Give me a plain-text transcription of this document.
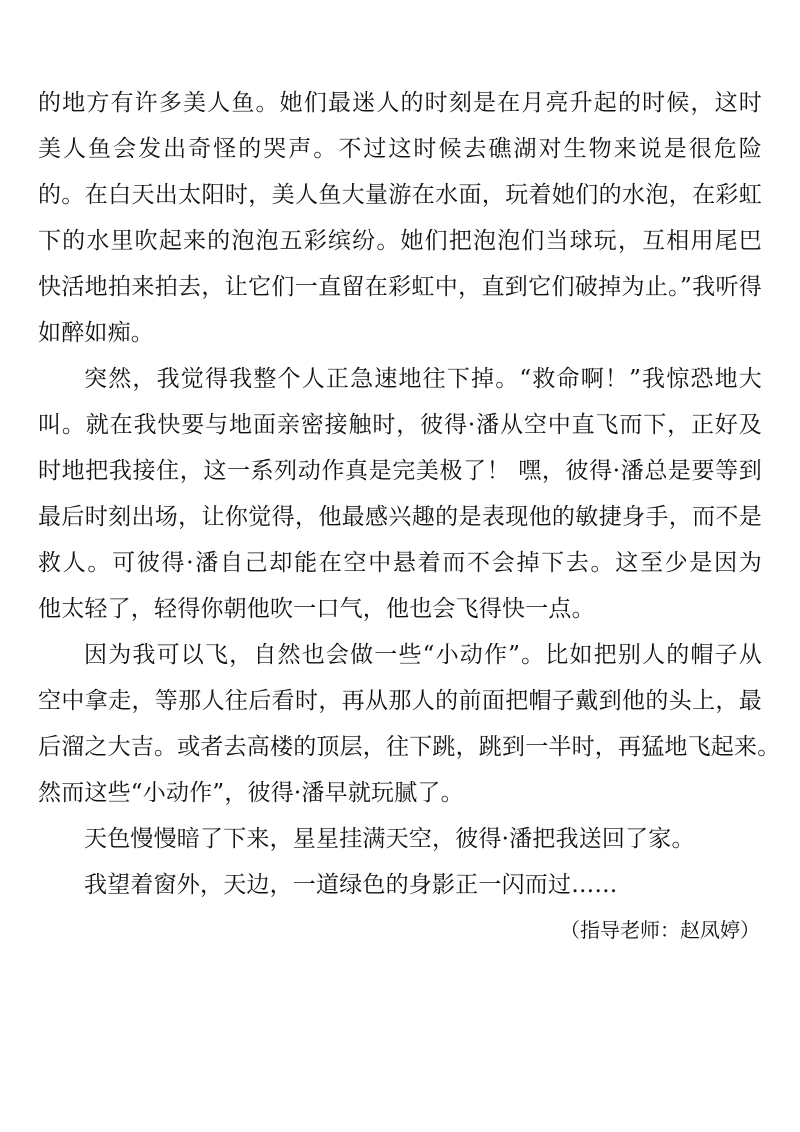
的地方有许多美人鱼。她们最迷人的时刻是在月亮升起的时候，这时
美人鱼会发出奇怪的哭声。不过这时候去礁湖对生物来说是很危险
的。在白天出太阳时，美人鱼大量游在水面，玩着她们的水泡，在彩虹
下的水里吹起来的泡泡五彩缤纷。她们把泡泡们当球玩，互相用尾巴
快活地拍来拍去，让它们一直留在彩虹中，直到它们破掉为止。”我听得
如醉如痴。
突然，我觉得我整个人正急速地往下掉。“救命啊！”我惊恐地大
叫。就在我快要与地面亲密接触时，彼得·潘从空中直飞而下，正好及
时地把我接住，这一系列动作真是完美极了！ 嘿，彼得·潘总是要等到
最后时刻出场，让你觉得，他最感兴趣的是表现他的敏捷身手，而不是
救人。可彼得·潘自己却能在空中悬着而不会掉下去。这至少是因为
他太轻了，轻得你朝他吹一口气，他也会飞得快一点。
因为我可以飞，自然也会做一些“小动作”。比如把别人的帽子从
空中拿走，等那人往后看时，再从那人的前面把帽子戴到他的头上，最
后溜之大吉。或者去高楼的顶层，往下跳，跳到一半时，再猛地飞起来。
然而这些“小动作”，彼得·潘早就玩腻了。
天色慢慢暗了下来，星星挂满天空，彼得·潘把我送回了家。
我望着窗外，天边，一道绿色的身影正一闪而过……
（指导老师：赵凤婷）
